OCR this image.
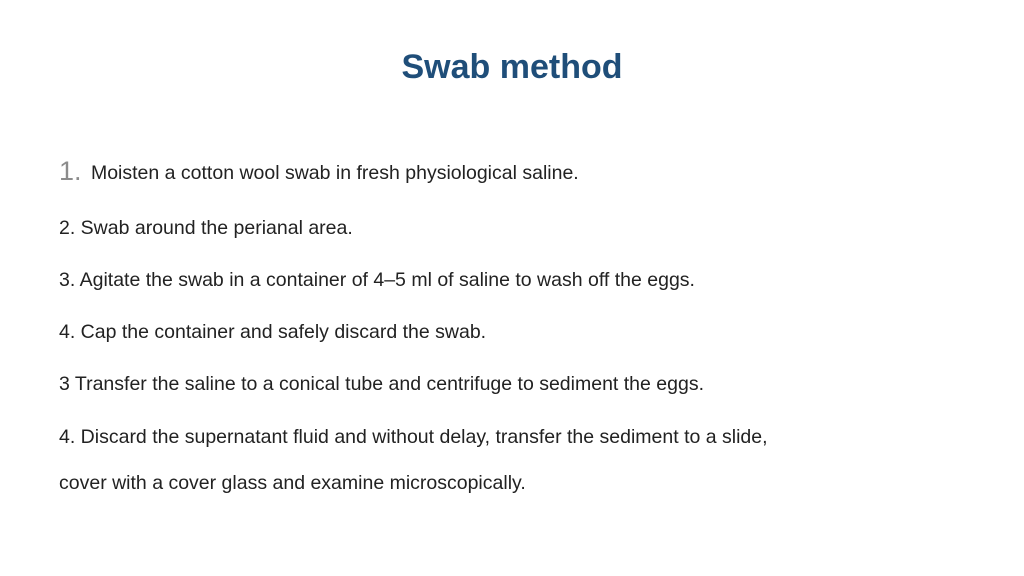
Swab method
1. Moisten a cotton wool swab in fresh physiological saline.
2. Swab around the perianal area.
3. Agitate the swab in a container of 4–5 ml of saline to wash off the eggs.
4. Cap the container and safely discard the swab.
3 Transfer the saline to a conical tube and centrifuge to sediment the eggs.
4. Discard the supernatant fluid and without delay, transfer the sediment to a slide,
cover with a cover glass and examine microscopically.
